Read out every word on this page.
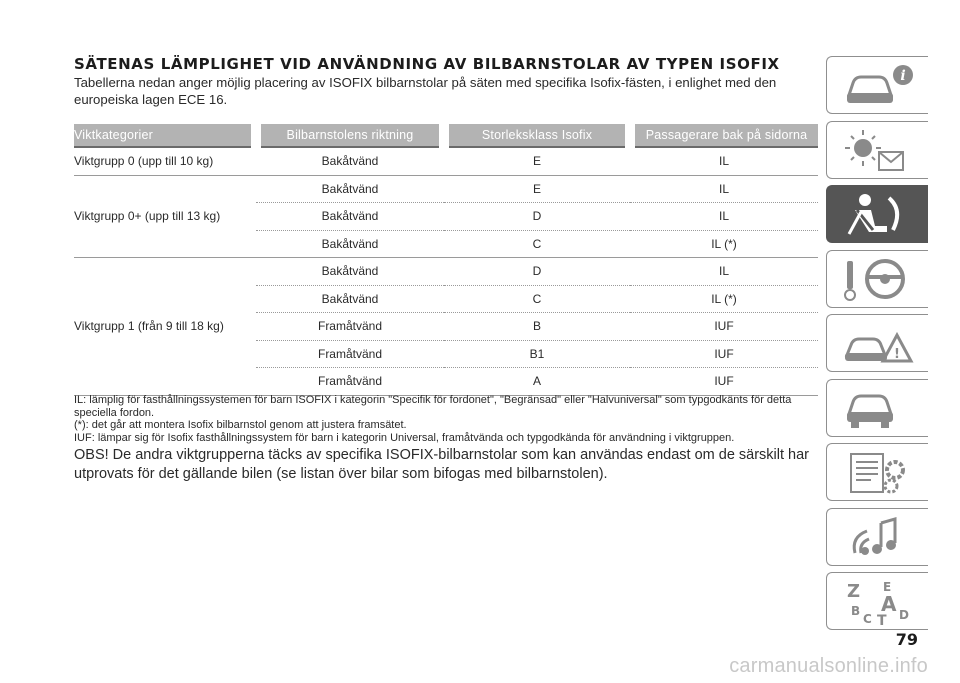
SÄTENAS LÄMPLIGHET VID ANVÄNDNING AV BILBARNSTOLAR AV TYPEN ISOFIX
Tabellerna nedan anger möjlig placering av ISOFIX bilbarnstolar på säten med specifika Isofix-fästen, i enlighet med den europeiska lagen ECE 16.
Viktkategorier	Bilbarnstolens riktning	Storleksklass Isofix	Passagerare bak på sidorna
Viktgrupp 0 (upp till 10 kg)	Bakåtvänd	E	IL
Viktgrupp 0+ (upp till 13 kg)	Bakåtvänd	E	IL
	Bakåtvänd	D	IL
	Bakåtvänd	C	IL (*)
Viktgrupp 1 (från 9 till 18 kg)	Bakåtvänd	D	IL
	Bakåtvänd	C	IL (*)
	Framåtvänd	B	IUF
	Framåtvänd	B1	IUF
	Framåtvänd	A	IUF

IL: lämplig för fasthållningssystemen för barn ISOFIX i kategorin "Specifik för fordonet", "Begränsad" eller "Halvuniversal" som typgodkänts för detta speciella fordon.

(*): det går att montera Isofix bilbarnstol genom att justera framsätet.

IUF: lämpar sig för Isofix fasthållningssystem för barn i kategorin Universal, framåtvända och typgodkända för användning i viktgruppen.

OBS! De andra viktgrupperna täcks av specifika ISOFIX-bilbarnstolar som kan användas endast om de särskilt har utprovats för det gällande bilen (se listan över bilar som bifogas med bilbarnstolen).
i
!
Z E
B A
C T D
79
carmanualsonline.info
